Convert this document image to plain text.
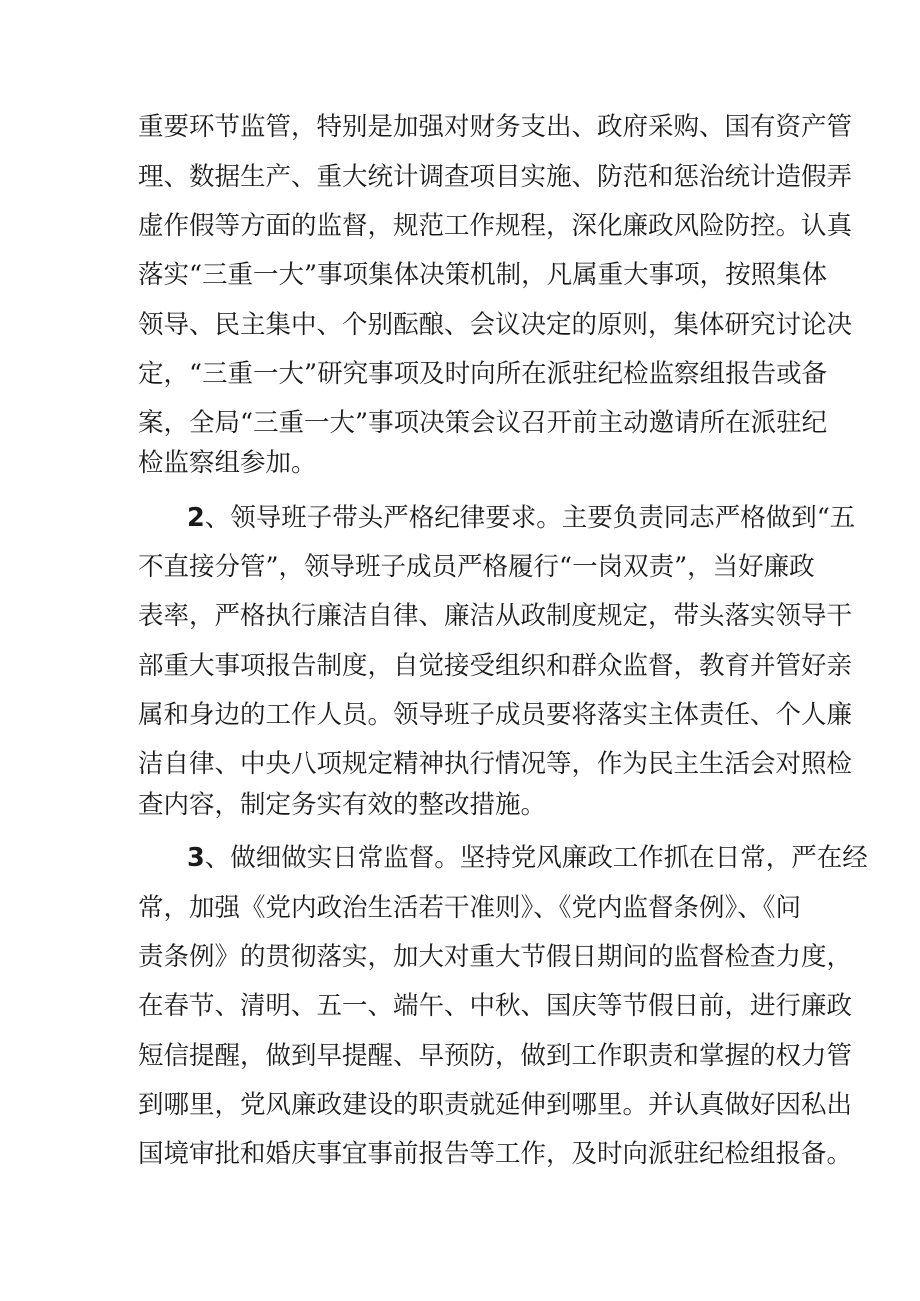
重要环节监管，特别是加强对财务支出、政府采购、国有资产管
理、数据生产、重大统计调查项目实施、防范和惩治统计造假弄
虚作假等方面的监督，规范工作规程，深化廉政风险防控。认真
落实“三重一大”事项集体决策机制，凡属重大事项，按照集体
领导、民主集中、个别酝酿、会议决定的原则，集体研究讨论决
定，“三重一大”研究事项及时向所在派驻纪检监察组报告或备
案，全局“三重一大”事项决策会议召开前主动邀请所在派驻纪
检监察组参加。
2、领导班子带头严格纪律要求。主要负责同志严格做到“五
不直接分管”，领导班子成员严格履行“一岗双责”，当好廉政
表率，严格执行廉洁自律、廉洁从政制度规定，带头落实领导干
部重大事项报告制度，自觉接受组织和群众监督，教育并管好亲
属和身边的工作人员。领导班子成员要将落实主体责任、个人廉
洁自律、中央八项规定精神执行情况等，作为民主生活会对照检
查内容，制定务实有效的整改措施。
3、做细做实日常监督。坚持党风廉政工作抓在日常，严在经
常，加强《党内政治生活若干准则》、《党内监督条例》、《问
责条例》的贯彻落实，加大对重大节假日期间的监督检查力度，
在春节、清明、五一、端午、中秋、国庆等节假日前，进行廉政
短信提醒，做到早提醒、早预防，做到工作职责和掌握的权力管
到哪里，党风廉政建设的职责就延伸到哪里。并认真做好因私出
国境审批和婚庆事宜事前报告等工作，及时向派驻纪检组报备。
